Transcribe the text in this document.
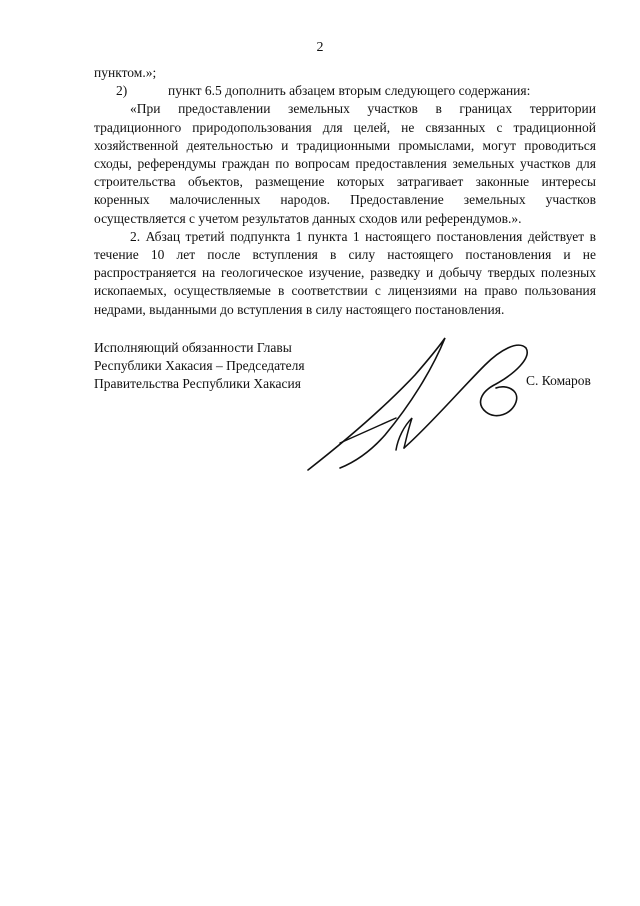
2

пунктом.»;

2)	пункт 6.5 дополнить абзацем вторым следующего содержания:

«При предоставлении земельных участков в границах территории традиционного природопользования для целей, не связанных с традиционной хозяйственной деятельностью и традиционными промыслами, могут проводиться сходы, референдумы граждан по вопросам предоставления земельных участков для строительства объектов, размещение которых затрагивает законные интересы коренных малочисленных народов. Предоставление земельных участков осуществляется с учетом результатов данных сходов или референдумов.».

2. Абзац третий подпункта 1 пункта 1 настоящего постановления действует в течение 10 лет после вступления в силу настоящего постановления и не распространяется на геологическое изучение, разведку и добычу твердых полезных ископаемых, осуществляемые в соответствии с лицензиями на право пользования недрами, выданными до вступления в силу настоящего постановления.

Исполняющий обязанности Главы
Республики Хакасия – Председателя
Правительства Республики Хакасия	С. Комаров
